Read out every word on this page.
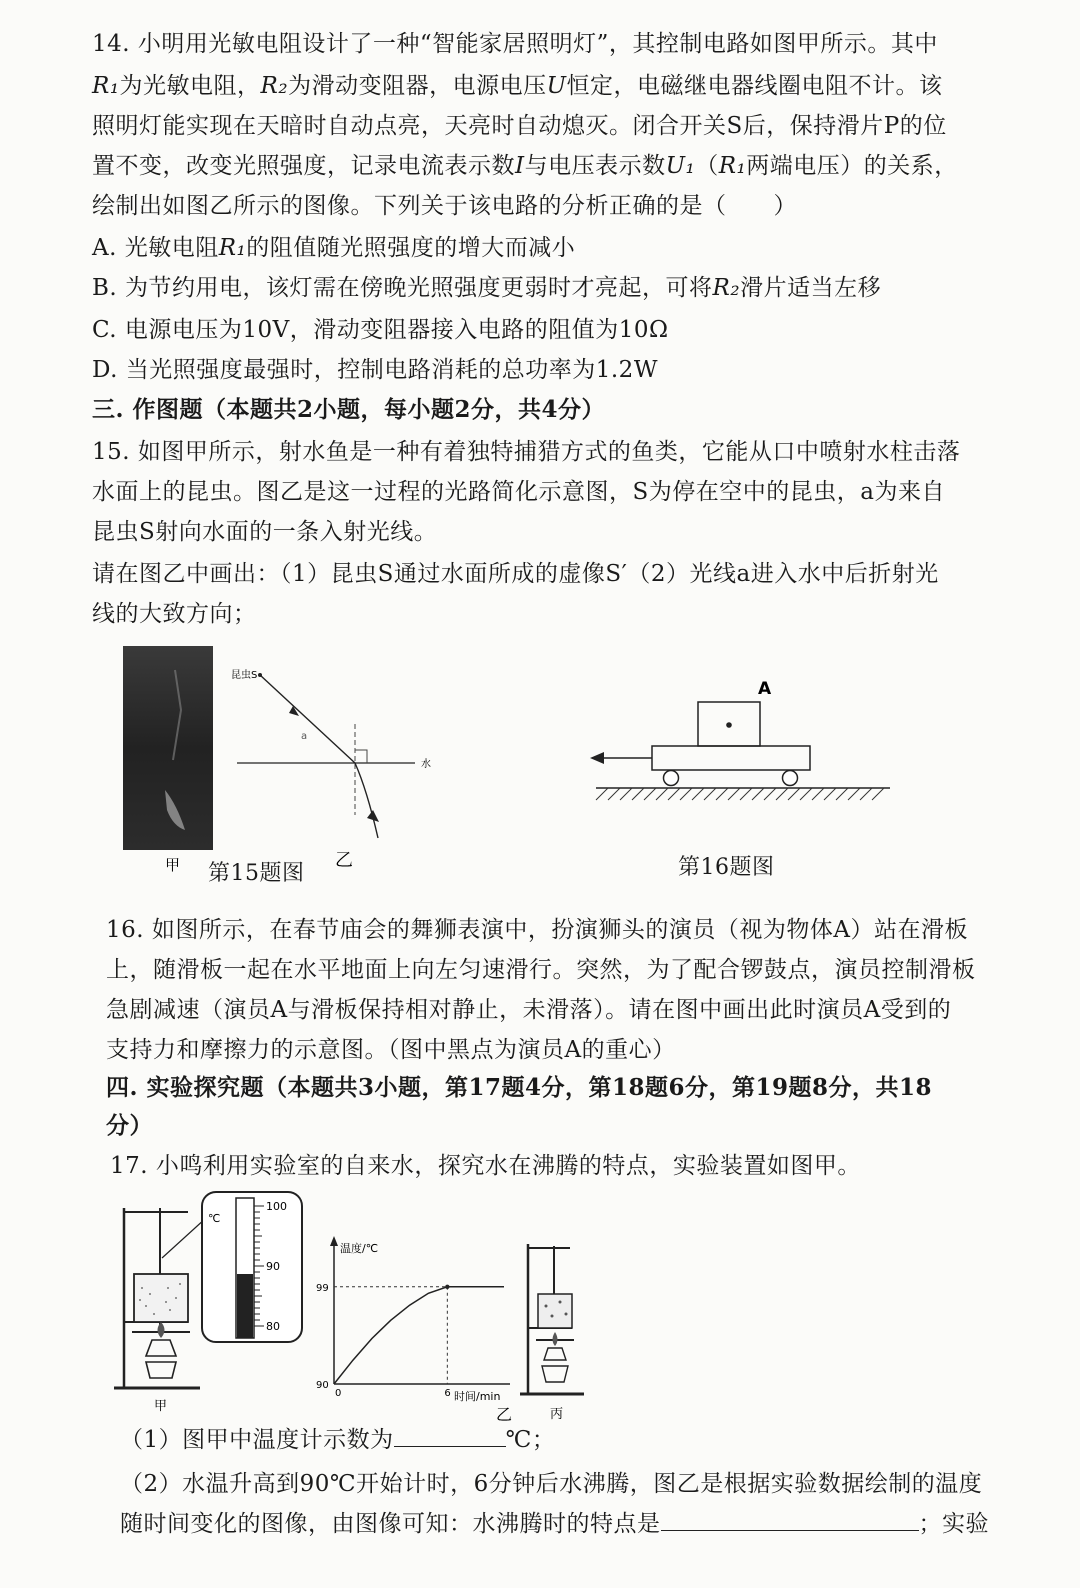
14. 小明用光敏电阻设计了一种“智能家居照明灯”，其控制电路如图甲所示。其中
R₁为光敏电阻，R₂为滑动变阻器，电源电压U恒定，电磁继电器线圈电阻不计。该
照明灯能实现在天暗时自动点亮，天亮时自动熄灭。闭合开关S后，保持滑片P的位
置不变，改变光照强度，记录电流表示数I与电压表示数U₁（R₁两端电压）的关系，
绘制出如图乙所示的图像。下列关于该电路的分析正确的是（　　）
A. 光敏电阻R₁的阻值随光照强度的增大而减小
B. 为节约用电，该灯需在傍晚光照强度更弱时才亮起，可将R₂滑片适当左移
C. 电源电压为10V，滑动变阻器接入电路的阻值为10Ω
D. 当光照强度最强时，控制电路消耗的总功率为1.2W
三. 作图题（本题共2小题，每小题2分，共4分）
15. 如图甲所示，射水鱼是一种有着独特捕猎方式的鱼类，它能从口中喷射水柱击落
水面上的昆虫。图乙是这一过程的光路简化示意图，S为停在空中的昆虫，a为来自
昆虫S射向水面的一条入射光线。
请在图乙中画出：（1）昆虫S通过水面所成的虚像S′（2）光线a进入水中后折射光
线的大致方向；
昆虫S
a
水
甲	乙
第15题图
A
第16题图
16. 如图所示，在春节庙会的舞狮表演中，扮演狮头的演员（视为物体A）站在滑板
上，随滑板一起在水平地面上向左匀速滑行。突然，为了配合锣鼓点，演员控制滑板
急剧减速（演员A与滑板保持相对静止，未滑落）。请在图中画出此时演员A受到的
支持力和摩擦力的示意图。（图中黑点为演员A的重心）
四. 实验探究题（本题共3小题，第17题4分，第18题6分，第19题8分，共18
分）
17. 小鸣利用实验室的自来水，探究水在沸腾的特点，实验装置如图甲。
甲
℃
100
90
80
温度/℃
时间/min
乙
90
99
0	6
丙
（1）图甲中温度计示数为	℃；
（2）水温升高到90℃开始计时，6分钟后水沸腾，图乙是根据实验数据绘制的温度
随时间变化的图像，由图像可知：水沸腾时的特点是	；实验
